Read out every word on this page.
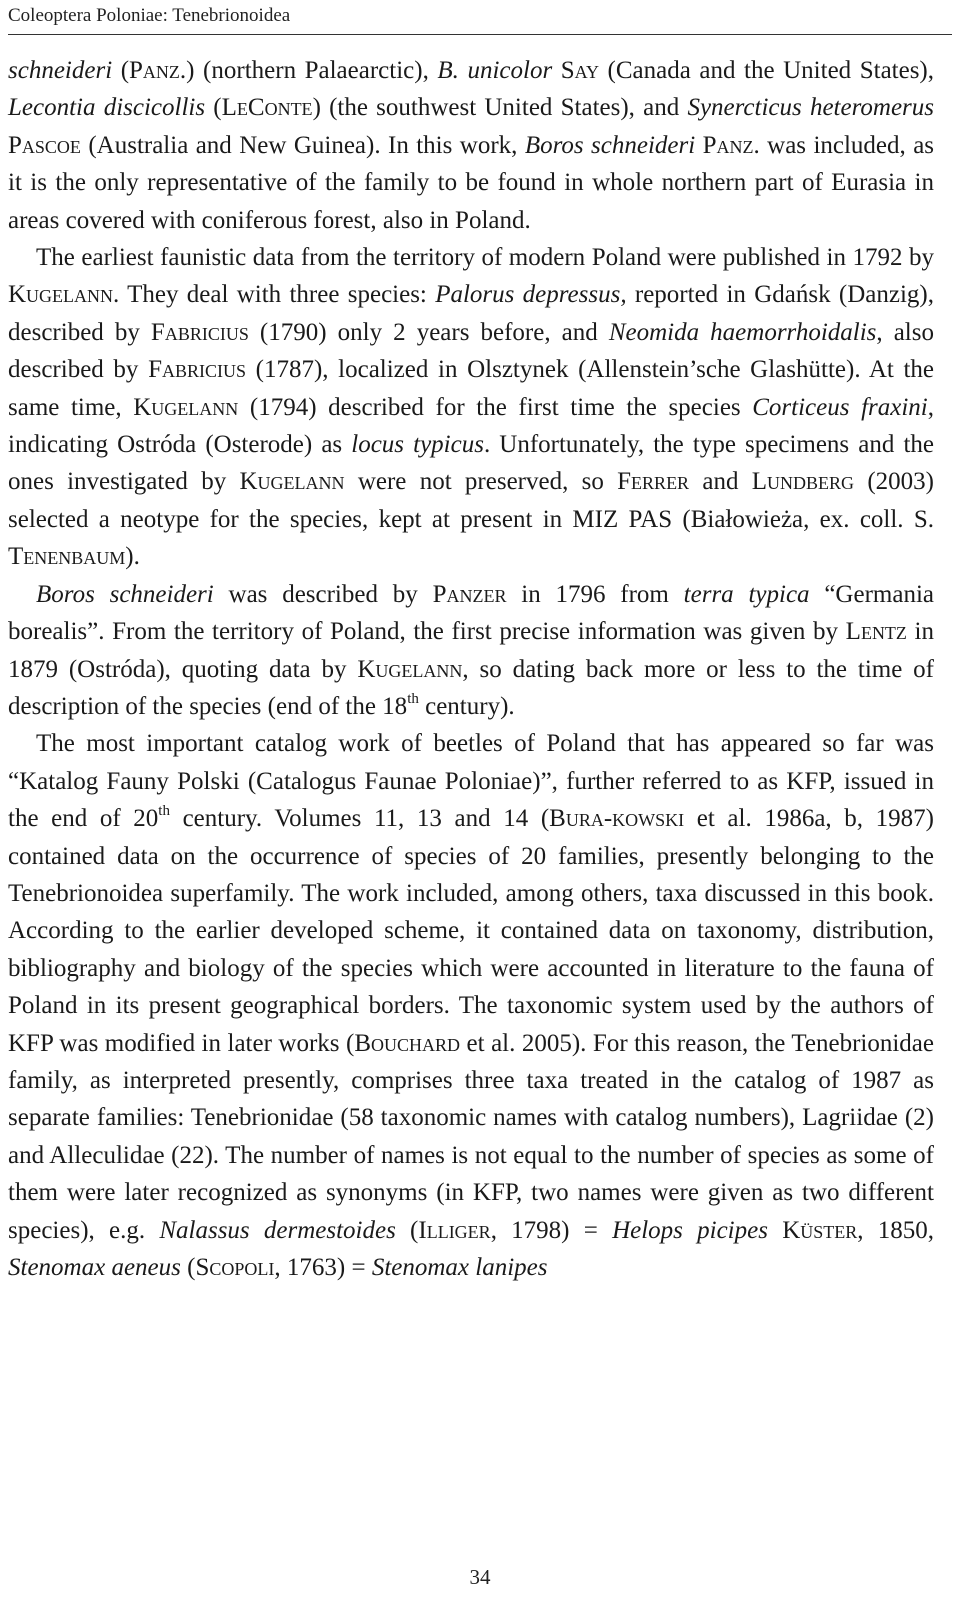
Coleoptera Poloniae: Tenebrionoidea

schneideri (Panz.) (northern Palaearctic), B. unicolor Say (Canada and the United States), Lecontia discicollis (LeConte) (the southwest United States), and Synercticus heteromerus Pascoe (Australia and New Guinea). In this work, Boros schneideri Panz. was included, as it is the only representative of the family to be found in whole northern part of Eurasia in areas covered with coniferous forest, also in Poland.

The earliest faunistic data from the territory of modern Poland were published in 1792 by Kugelann. They deal with three species: Palorus depressus, reported in Gdańsk (Danzig), described by Fabricius (1790) only 2 years before, and Neomida haemorrhoidalis, also described by Fabricius (1787), localized in Olsztynek (Allenstein’sche Glashütte). At the same time, Kugelann (1794) described for the first time the species Corticeus fraxini, indicating Ostróda (Osterode) as locus typicus. Unfortunately, the type specimens and the ones investigated by Kugelann were not preserved, so Ferrer and Lundberg (2003) selected a neotype for the species, kept at present in MIZ PAS (Białowieża, ex. coll. S. Tenenbaum).

Boros schneideri was described by Panzer in 1796 from terra typica “Germania borealis”. From the territory of Poland, the first precise information was given by Lentz in 1879 (Ostróda), quoting data by Kugelann, so dating back more or less to the time of description of the species (end of the 18th century).

The most important catalog work of beetles of Poland that has appeared so far was “Katalog Fauny Polski (Catalogus Faunae Poloniae)”, further referred to as KFP, issued in the end of 20th century. Volumes 11, 13 and 14 (Bura-kowski et al. 1986a, b, 1987) contained data on the occurrence of species of 20 families, presently belonging to the Tenebrionoidea superfamily. The work included, among others, taxa discussed in this book. According to the earlier developed scheme, it contained data on taxonomy, distribution, bibliography and biology of the species which were accounted in literature to the fauna of Poland in its present geographical borders. The taxonomic system used by the authors of KFP was modified in later works (Bouchard et al. 2005). For this reason, the Tenebrionidae family, as interpreted presently, comprises three taxa treated in the catalog of 1987 as separate families: Tenebrionidae (58 taxonomic names with catalog numbers), Lagriidae (2) and Alleculidae (22). The number of names is not equal to the number of species as some of them were later recognized as synonyms (in KFP, two names were given as two different species), e.g. Nalassus dermestoides (Illiger, 1798) = Helops picipes Küster, 1850, Stenomax aeneus (Scopoli, 1763) = Stenomax lanipes

34
